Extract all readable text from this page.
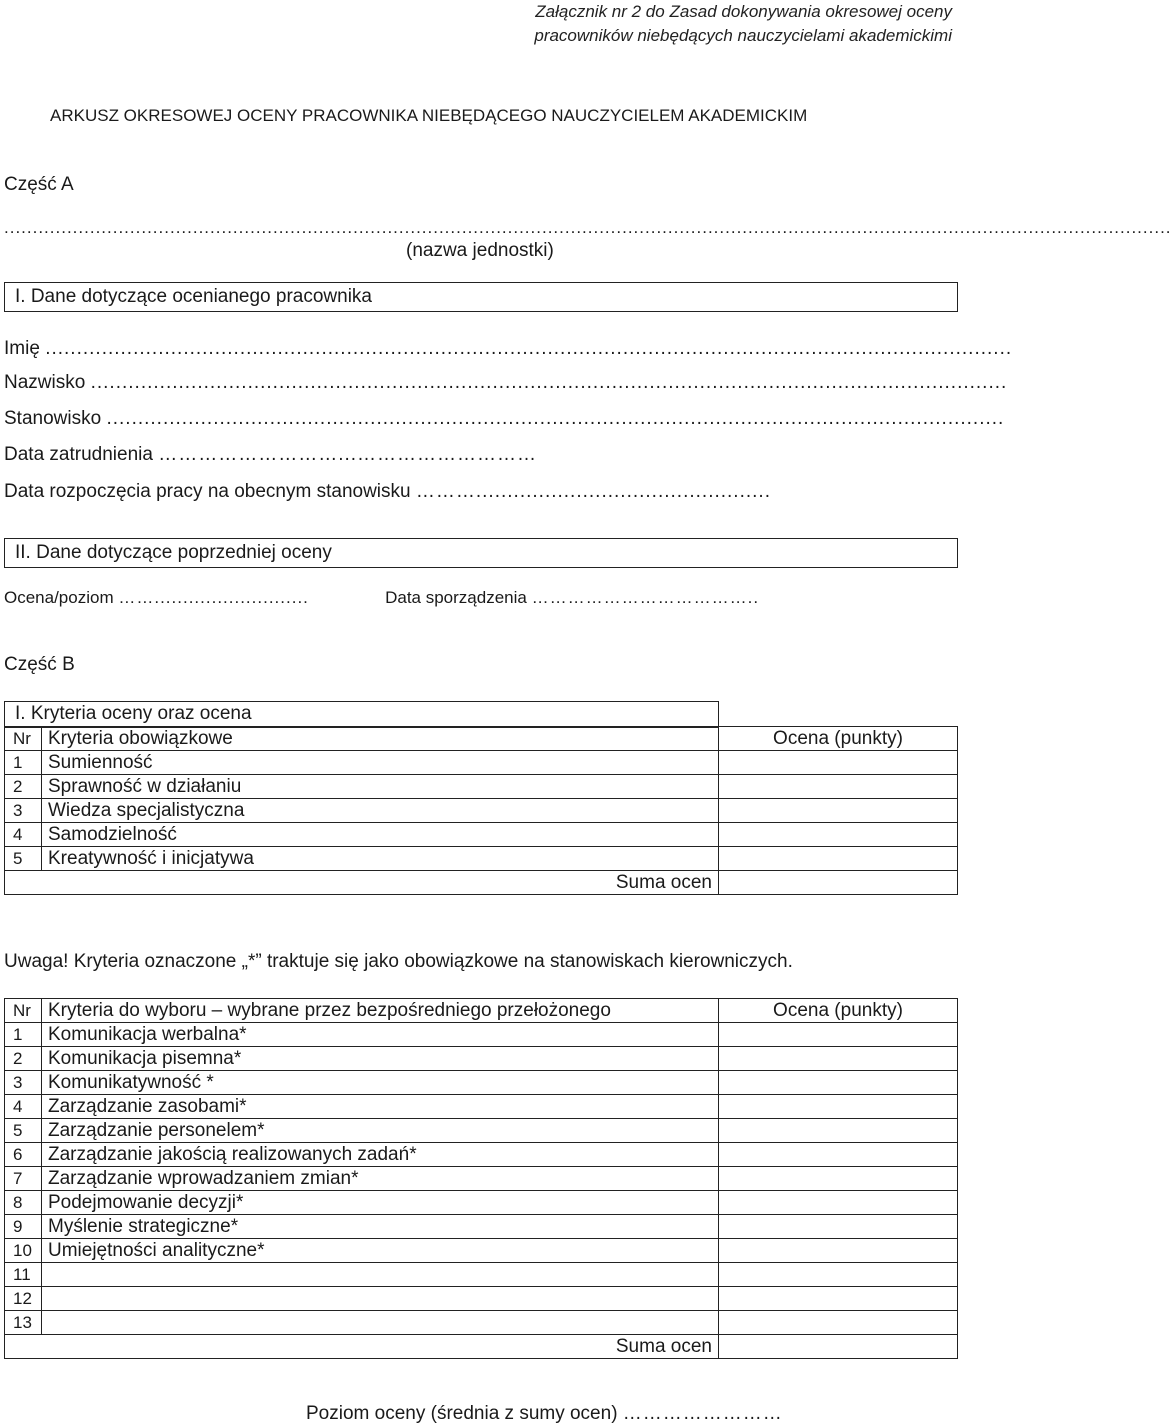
Załącznik nr 2 do Zasad dokonywania okresowej oceny
pracowników niebędących nauczycielami akademickimi
ARKUSZ OKRESOWEJ OCENY PRACOWNIKA NIEBĘDĄCEGO NAUCZYCIELEM AKADEMICKIM
Część A
............................................................................................................................................................................................................
(nazwa jednostki)
I. Dane dotyczące ocenianego pracownika
Imię ..........................................................................................................................................................
Nazwisko ..................................................................................................................................................
Stanowisko ...............................................................................................................................................
Data zatrudnienia ………………………...………………………
Data rozpoczęcia pracy na obecnym stanowisku ………...............................................
II. Dane dotyczące poprzedniej oceny
Ocena/poziom ……...........................	Data sporządzenia ………………………………..
Część B
I. Kryteria oceny oraz ocena
Nr	Kryteria obowiązkowe	Ocena (punkty)
1	Sumienność	
2	Sprawność w działaniu	
3	Wiedza specjalistyczna	
4	Samodzielność	
5	Kreatywność i inicjatywa	
	Suma ocen	
Uwaga! Kryteria oznaczone „*” traktuje się jako obowiązkowe na stanowiskach kierowniczych.
Nr	Kryteria do wyboru – wybrane przez bezpośredniego przełożonego	Ocena (punkty)
1	Komunikacja werbalna*	
2	Komunikacja pisemna*	
3	Komunikatywność *	
4	Zarządzanie zasobami*	
5	Zarządzanie personelem*	
6	Zarządzanie jakością realizowanych zadań*	
7	Zarządzanie wprowadzaniem zmian*	
8	Podejmowanie decyzji*	
9	Myślenie strategiczne*	
10	Umiejętności analityczne*	
11		
12		
13		
	Suma ocen	
Poziom oceny (średnia z sumy ocen) ……………………
